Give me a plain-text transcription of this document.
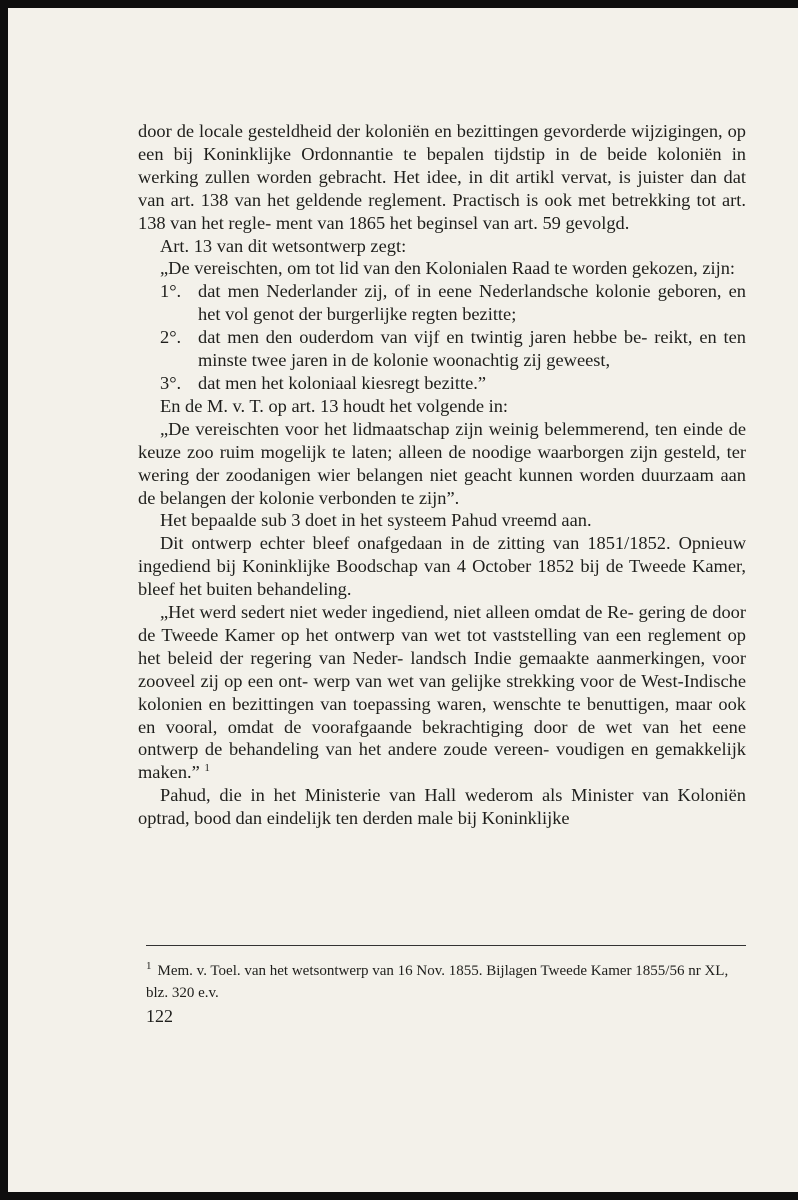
door de locale gesteldheid der koloniën en bezittingen gevorderde wijzigingen, op een bij Koninklijke Ordonnantie te bepalen tijdstip in de beide koloniën in werking zullen worden gebracht. Het idee, in dit artikl vervat, is juister dan dat van art. 138 van het geldende reglement. Practisch is ook met betrekking tot art. 138 van het regle- ment van 1865 het beginsel van art. 59 gevolgd.

Art. 13 van dit wetsontwerp zegt:

„De vereischten, om tot lid van den Kolonialen Raad te worden gekozen, zijn:

1°. dat men Nederlander zij, of in eene Nederlandsche kolonie geboren, en het vol genot der burgerlijke regten bezitte;
2°. dat men den ouderdom van vijf en twintig jaren hebbe be- reikt, en ten minste twee jaren in de kolonie woonachtig zij geweest,
3°. dat men het koloniaal kiesregt bezitte.”

En de M. v. T. op art. 13 houdt het volgende in:

„De vereischten voor het lidmaatschap zijn weinig belemmerend, ten einde de keuze zoo ruim mogelijk te laten; alleen de noodige waarborgen zijn gesteld, ter wering der zoodanigen wier belangen niet geacht kunnen worden duurzaam aan de belangen der kolonie verbonden te zijn”.

Het bepaalde sub 3 doet in het systeem Pahud vreemd aan.

Dit ontwerp echter bleef onafgedaan in de zitting van 1851/1852. Opnieuw ingediend bij Koninklijke Boodschap van 4 October 1852 bij de Tweede Kamer, bleef het buiten behandeling.

„Het werd sedert niet weder ingediend, niet alleen omdat de Re- gering de door de Tweede Kamer op het ontwerp van wet tot vaststelling van een reglement op het beleid der regering van Neder- landsch Indie gemaakte aanmerkingen, voor zooveel zij op een ont- werp van wet van gelijke strekking voor de West-Indische kolonien en bezittingen van toepassing waren, wenschte te benuttigen, maar ook en vooral, omdat de voorafgaande bekrachtiging door de wet van het eene ontwerp de behandeling van het andere zoude vereen- voudigen en gemakkelijk maken.” $^1$

Pahud, die in het Ministerie van Hall wederom als Minister van Koloniën optrad, bood dan eindelijk ten derden male bij Koninklijke

$^1$ Mem. v. Toel. van het wetsontwerp van 16 Nov. 1855. Bijlagen Tweede Kamer 1855/56 nr XL, blz. 320 e.v.
122
